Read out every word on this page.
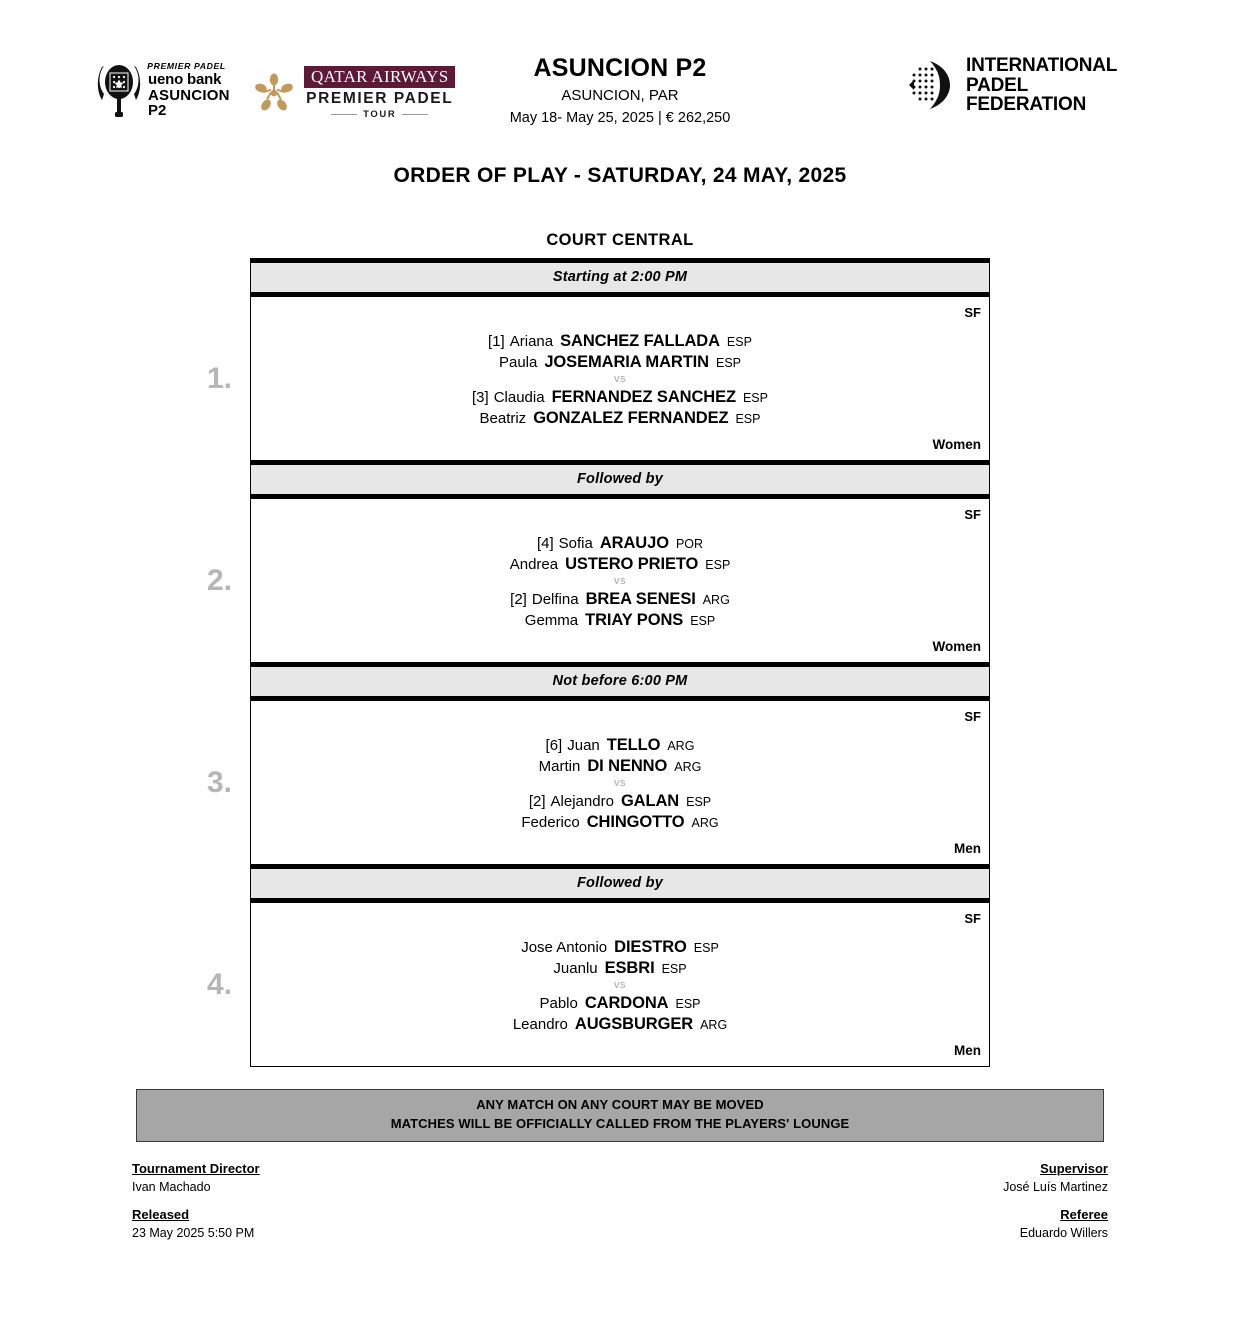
PREMIER PADEL
ueno bank
ASUNCION
P2
QATAR AIRWAYS
PREMIER PADEL
TOUR
ASUNCION P2
ASUNCION, PAR
May 18- May 25, 2025 | € 262,250
INTERNATIONAL
PADEL
FEDERATION
ORDER OF PLAY - SATURDAY, 24 MAY, 2025
COURT CENTRAL
Starting at 2:00 PM
1.
SF
[1] Ariana SANCHEZ FALLADA ESP
Paula JOSEMARIA MARTIN ESP
vs
[3] Claudia FERNANDEZ SANCHEZ ESP
Beatriz GONZALEZ FERNANDEZ ESP
Women
Followed by
2.
SF
[4] Sofia ARAUJO POR
Andrea USTERO PRIETO ESP
vs
[2] Delfina BREA SENESI ARG
Gemma TRIAY PONS ESP
Women
Not before 6:00 PM
3.
SF
[6] Juan TELLO ARG
Martin DI NENNO ARG
vs
[2] Alejandro GALAN ESP
Federico CHINGOTTO ARG
Men
Followed by
4.
SF
Jose Antonio DIESTRO ESP
Juanlu ESBRI ESP
vs
Pablo CARDONA ESP
Leandro AUGSBURGER ARG
Men
ANY MATCH ON ANY COURT MAY BE MOVED
MATCHES WILL BE OFFICIALLY CALLED FROM THE PLAYERS' LOUNGE
Tournament Director
Ivan Machado
Released
23 May 2025 5:50 PM
Supervisor
José Luís Martinez
Referee
Eduardo Willers
